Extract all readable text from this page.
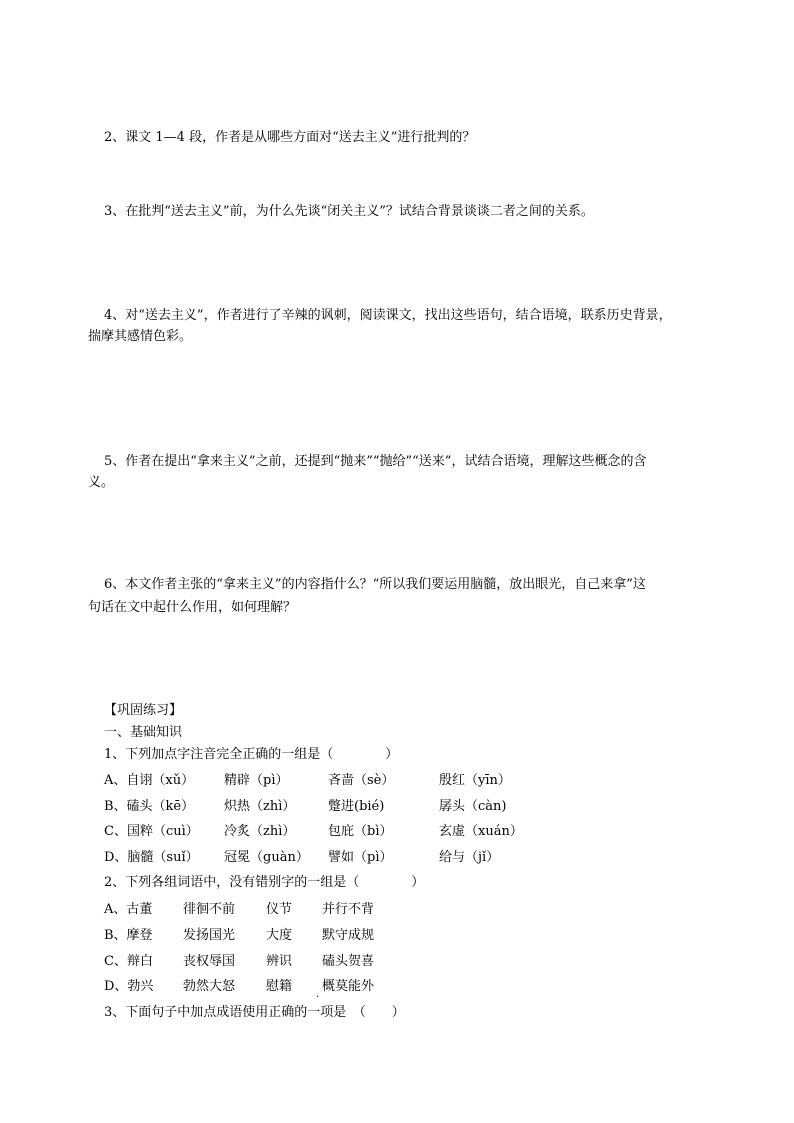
2、课文 1—4 段，作者是从哪些方面对“送去主义”进行批判的？
3、在批判“送去主义”前，为什么先谈“闭关主义”？试结合背景谈谈二者之间的关系。
4、对“送去主义”，作者进行了辛辣的讽刺，阅读课文，找出这些语句，结合语境，联系历史背景，
揣摩其感情色彩。
5、作者在提出“拿来主义”之前，还提到“抛来”“抛给”“送来”，试结合语境，理解这些概念的含
义。
6、本文作者主张的“拿来主义”的内容指什么？“所以我们要运用脑髓，放出眼光，自己来拿”这
句话在文中起什么作用，如何理解？
【巩固练习】
一、基础知识
1、下列加点字注音完全正确的一组是（　　　　）
A、自诩（xǔ） 精辟（pì）	吝啬（sè）	殷红（yīn）
B、磕头（kē） 炽热（zhì）	蹩进(bié)	孱头（càn)
C、国粹（cuì） 冷炙（zhì）	包庇（bì）	玄虚（xuán）
D、脑髓（suǐ） 冠冕（guàn） 譬如（pì）	给与（jǐ）
2、下列各组词语中，没有错别字的一组是（　　　　）
A、古董 徘徊不前 仪节 并行不背
B、摩登 发扬国光 大度 默守成规
C、辩白 丧权辱国 辨识 磕头贺喜
D、勃兴 勃然大怒 慰籍 概莫能外
.
3、下面句子中加点成语使用正确的一项是　（　　）
